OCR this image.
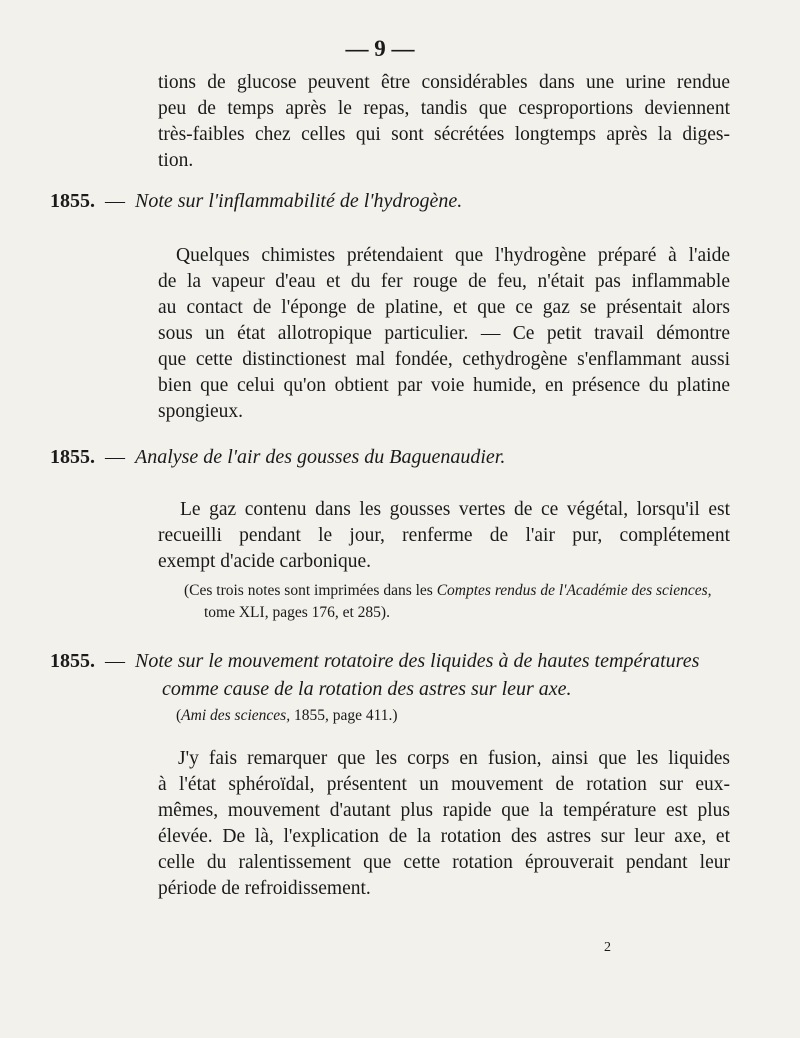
— 9 —
tions de glucose peuvent être considérables dans une urine rendue
peu de temps après le repas, tandis que cesproportions deviennent
très-faibles chez celles qui sont sécrétées longtemps après la diges-
tion.
1855. — Note sur l'inflammabilité de l'hydrogène.
Quelques chimistes prétendaient que l'hydrogène préparé à l'aide
de la vapeur d'eau et du fer rouge de feu, n'était pas inflammable
au contact de l'éponge de platine, et que ce gaz se présentait alors
sous un état allotropique particulier. — Ce petit travail démontre
que cette distinctionest mal fondée, cethydrogène s'enflammant aussi
bien que celui qu'on obtient par voie humide, en présence du platine
spongieux.
1855. — Analyse de l'air des gousses du Baguenaudier.
Le gaz contenu dans les gousses vertes de ce végétal, lorsqu'il est
recueilli pendant le jour, renferme de l'air pur, complétement
exempt d'acide carbonique.
(Ces trois notes sont imprimées dans les Comptes rendus de l'Académie des sciences,
tome XLI, pages 176, et 285).
1855. — Note sur le mouvement rotatoire des liquides à de hautes températures
comme cause de la rotation des astres sur leur axe.
(Ami des sciences, 1855, page 411.)
J'y fais remarquer que les corps en fusion, ainsi que les liquides
à l'état sphéroïdal, présentent un mouvement de rotation sur eux-
mêmes, mouvement d'autant plus rapide que la température est plus
élevée. De là, l'explication de la rotation des astres sur leur axe, et
celle du ralentissement que cette rotation éprouverait pendant leur
période de refroidissement.
2
